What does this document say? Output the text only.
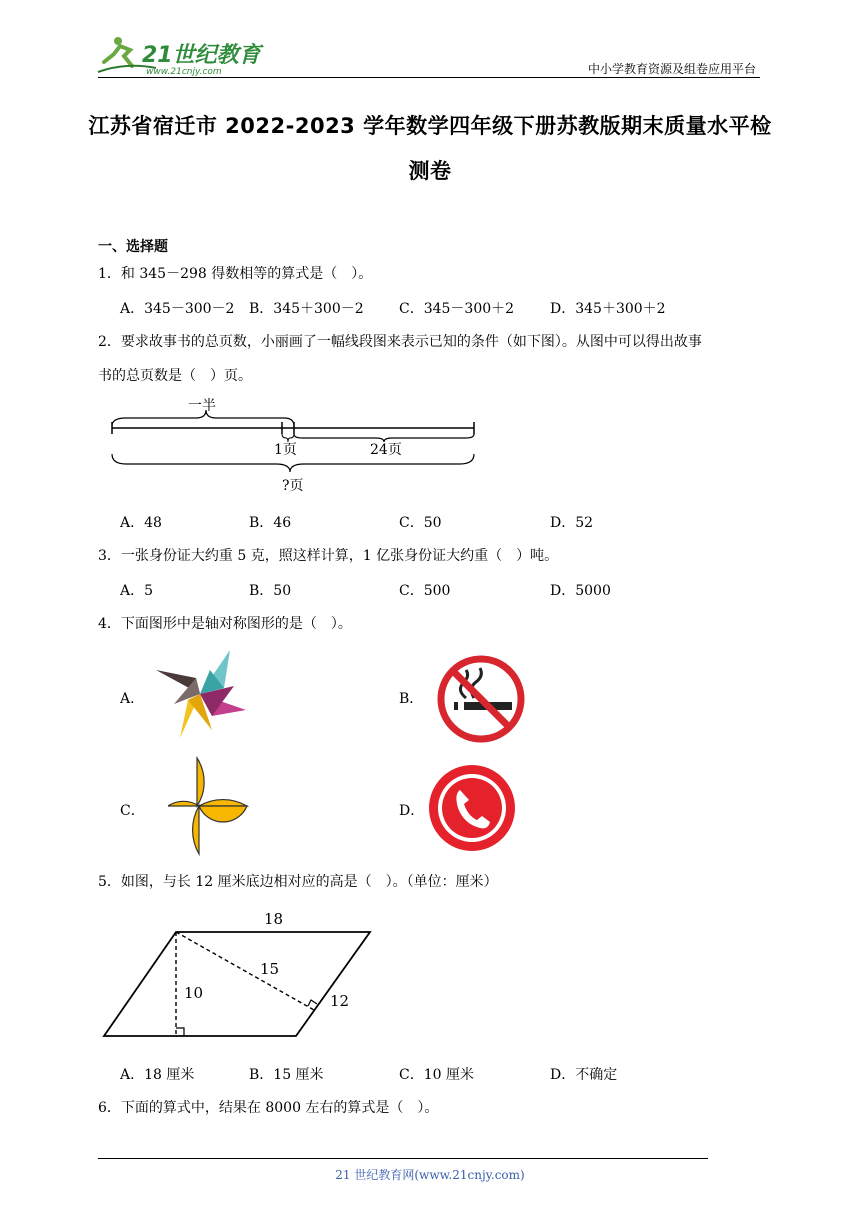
21世纪教育
www.21cnjy.com	中小学教育资源及组卷应用平台
江苏省宿迁市 2022-2023 学年数学四年级下册苏教版期末质量水平检
测卷
一、选择题
1．和 345－298 得数相等的算式是（　）。
A．345－300－2 B．345＋300－2	C．345－300＋2	D．345＋300＋2
2．要求故事书的总页数，小丽画了一幅线段图来表示已知的条件（如下图）。从图中可以得出故事
书的总页数是（　）页。
一半
1页	24页
?页
A．48	B．46	C．50	D．52
3．一张身份证大约重 5 克，照这样计算，1 亿张身份证大约重（　）吨。
A．5	B．50	C．500	D．5000
4．下面图形中是轴对称图形的是（　）。
A．	B．
C．	D．
5．如图，与长 12 厘米底边相对应的高是（　）。（单位：厘米）
18
15
12
10
A．18 厘米	B．15 厘米	C．10 厘米	D．不确定
6．下面的算式中，结果在 8000 左右的算式是（　）。
21 世纪教育网(www.21cnjy.com)
